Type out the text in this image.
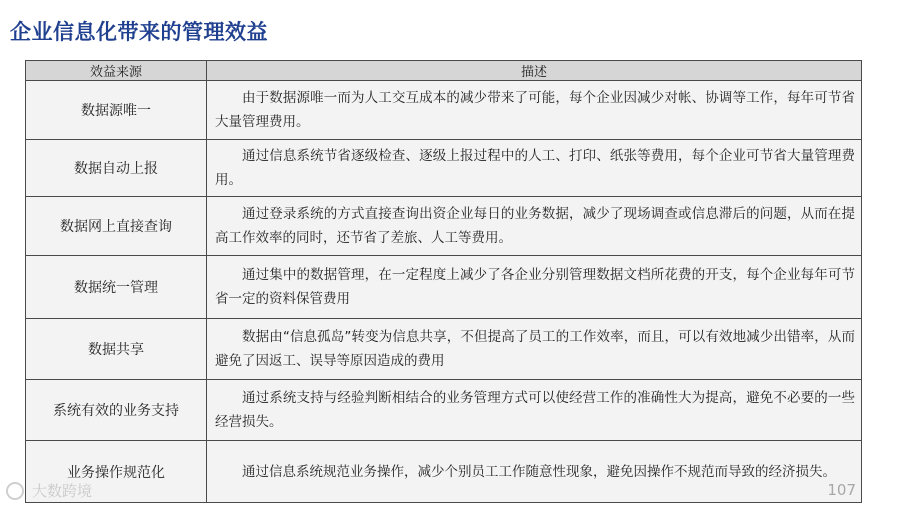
企业信息化带来的管理效益
效益来源	描述
数据源唯一	由于数据源唯一而为人工交互成本的减少带来了可能，每个企业因减少对帐、协调等工作，每年可节省大量管理费用。
数据自动上报	通过信息系统节省逐级检查、逐级上报过程中的人工、打印、纸张等费用，每个企业可节省大量管理费用。
数据网上直接查询	通过登录系统的方式直接查询出资企业每日的业务数据，减少了现场调查或信息滞后的问题，从而在提高工作效率的同时，还节省了差旅、人工等费用。
数据统一管理	通过集中的数据管理，在一定程度上减少了各企业分别管理数据文档所花费的开支，每个企业每年可节省一定的资料保管费用
数据共享	数据由“信息孤岛”转变为信息共享，不但提高了员工的工作效率，而且，可以有效地减少出错率，从而避免了因返工、误导等原因造成的费用
系统有效的业务支持	通过系统支持与经验判断相结合的业务管理方式可以使经营工作的准确性大为提高，避免不必要的一些经营损失。
业务操作规范化	通过信息系统规范业务操作，减少个别员工工作随意性现象，避免因操作不规范而导致的经济损失。
大数跨境	107
